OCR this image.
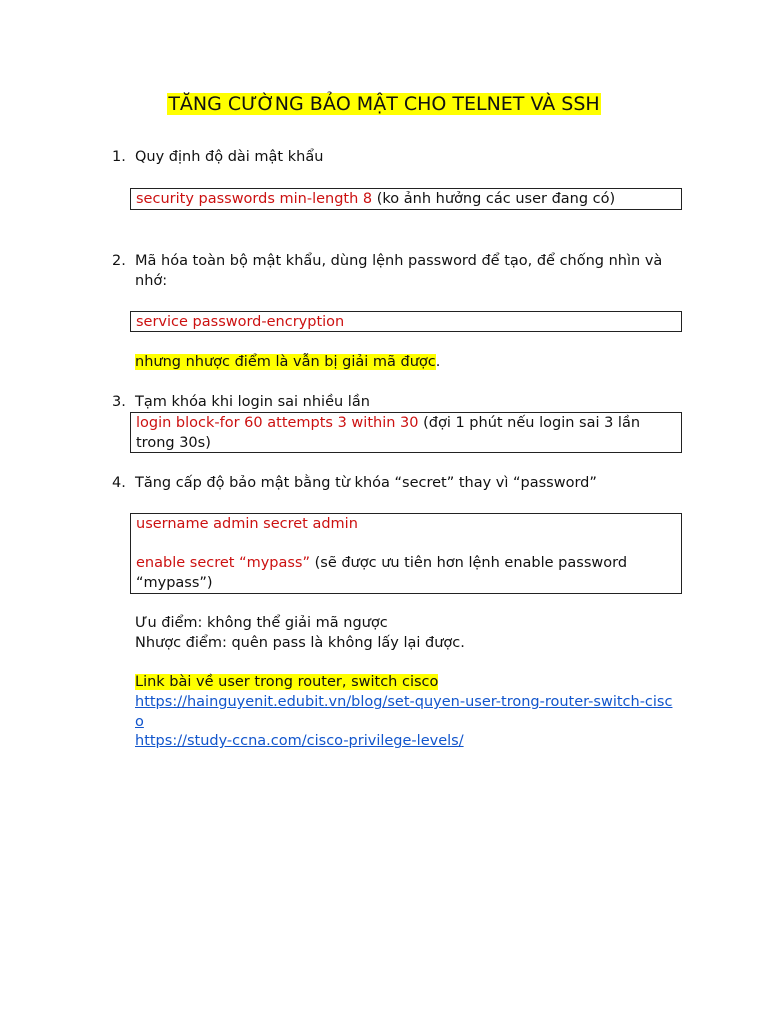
TĂNG CƯỜNG BẢO MẬT CHO TELNET VÀ SSH
1. Quy định độ dài mật khẩu
security passwords min-length 8 (ko ảnh hưởng các user đang có)
2. Mã hóa toàn bộ mật khẩu, dùng lệnh password để tạo, để chống nhìn và nhớ:
service password-encryption
nhưng nhược điểm là vẫn bị giải mã được.
3. Tạm khóa khi login sai nhiều lần
login block-for 60 attempts 3 within 30 (đợi 1 phút nếu login sai 3 lần trong 30s)
4. Tăng cấp độ bảo mật bằng từ khóa “secret” thay vì “password”
username admin secret admin
enable secret “mypass” (sẽ được ưu tiên hơn lệnh enable password “mypass”)
Ưu điểm: không thể giải mã ngược
Nhược điểm: quên pass là không lấy lại được.
Link bài về user trong router, switch cisco
https://hainguyenit.edubit.vn/blog/set-quyen-user-trong-router-switch-cisco
https://study-ccna.com/cisco-privilege-levels/
